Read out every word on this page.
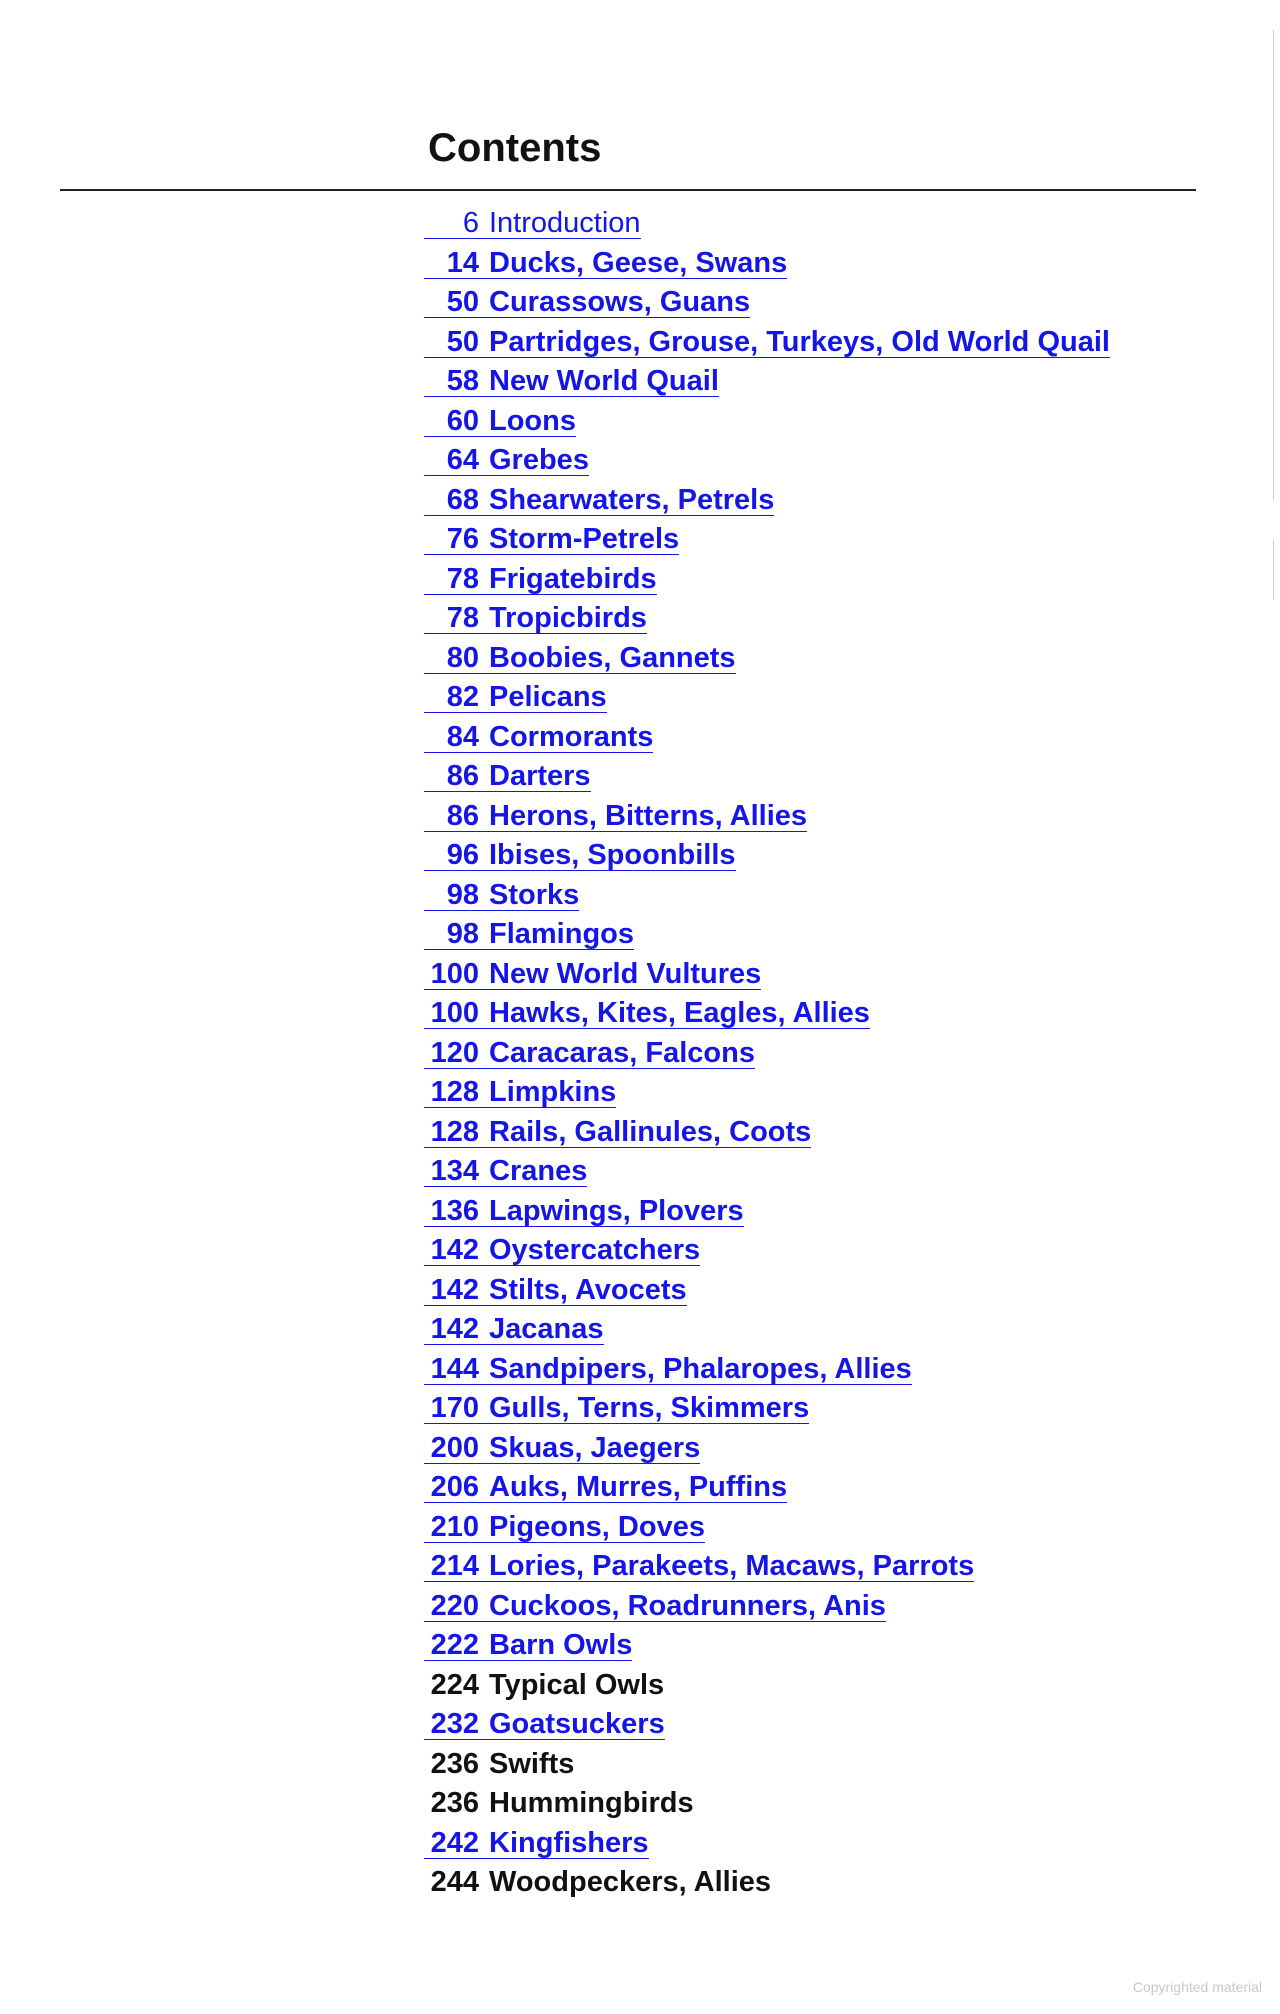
Contents
6 Introduction
14 Ducks, Geese, Swans
50 Curassows, Guans
50 Partridges, Grouse, Turkeys, Old World Quail
58 New World Quail
60 Loons
64 Grebes
68 Shearwaters, Petrels
76 Storm-Petrels
78 Frigatebirds
78 Tropicbirds
80 Boobies, Gannets
82 Pelicans
84 Cormorants
86 Darters
86 Herons, Bitterns, Allies
96 Ibises, Spoonbills
98 Storks
98 Flamingos
100 New World Vultures
100 Hawks, Kites, Eagles, Allies
120 Caracaras, Falcons
128 Limpkins
128 Rails, Gallinules, Coots
134 Cranes
136 Lapwings, Plovers
142 Oystercatchers
142 Stilts, Avocets
142 Jacanas
144 Sandpipers, Phalaropes, Allies
170 Gulls, Terns, Skimmers
200 Skuas, Jaegers
206 Auks, Murres, Puffins
210 Pigeons, Doves
214 Lories, Parakeets, Macaws, Parrots
220 Cuckoos, Roadrunners, Anis
222 Barn Owls
224 Typical Owls
232 Goatsuckers
236 Swifts
236 Hummingbirds
242 Kingfishers
244 Woodpeckers, Allies
Copyrighted material
